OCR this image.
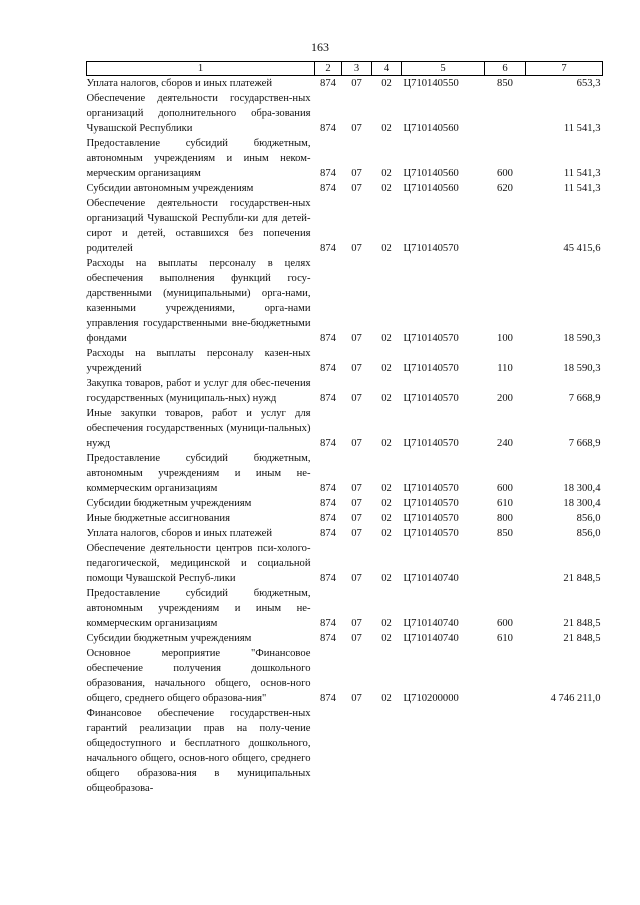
163
1	2	3	4	5	6	7
Уплата налогов, сборов и иных платежей	874	07	02	Ц710140550	850	653,3
Обеспечение деятельности государствен-ных организаций дополнительного обра-зования Чувашской Республики	874	07	02	Ц710140560		11 541,3
Предоставление субсидий бюджетным, автономным учреждениям и иным неком-мерческим организациям	874	07	02	Ц710140560	600	11 541,3
Субсидии автономным учреждениям	874	07	02	Ц710140560	620	11 541,3
Обеспечение деятельности государствен-ных организаций Чувашской Республи-ки для детей-сирот и детей, оставшихся без попечения родителей	874	07	02	Ц710140570		45 415,6
Расходы на выплаты персоналу в целях обеспечения выполнения функций госу-дарственными (муниципальными) орга-нами, казенными учреждениями, орга-нами управления государственными вне-бюджетными фондами	874	07	02	Ц710140570	100	18 590,3
Расходы на выплаты персоналу казен-ных учреждений	874	07	02	Ц710140570	110	18 590,3
Закупка товаров, работ и услуг для обес-печения государственных (муниципаль-ных) нужд	874	07	02	Ц710140570	200	7 668,9
Иные закупки товаров, работ и услуг для обеспечения государственных (муници-пальных) нужд	874	07	02	Ц710140570	240	7 668,9
Предоставление субсидий бюджетным, автономным учреждениям и иным не-коммерческим организациям	874	07	02	Ц710140570	600	18 300,4
Субсидии бюджетным учреждениям	874	07	02	Ц710140570	610	18 300,4
Иные бюджетные ассигнования	874	07	02	Ц710140570	800	856,0
Уплата налогов, сборов и иных платежей	874	07	02	Ц710140570	850	856,0
Обеспечение деятельности центров пси-холого-педагогической, медицинской и социальной помощи Чувашской Респуб-лики	874	07	02	Ц710140740		21 848,5
Предоставление субсидий бюджетным, автономным учреждениям и иным не-коммерческим организациям	874	07	02	Ц710140740	600	21 848,5
Субсидии бюджетным учреждениям	874	07	02	Ц710140740	610	21 848,5
Основное мероприятие "Финансовое обеспечение получения дошкольного образования, начального общего, основ-ного общего, среднего общего образова-ния"	874	07	02	Ц710200000		4 746 211,0
Финансовое обеспечение государствен-ных гарантий реализации прав на полу-чение общедоступного и бесплатного дошкольного, начального общего, основ-ного общего, среднего общего образова-ния в муниципальных общеобразова-						
